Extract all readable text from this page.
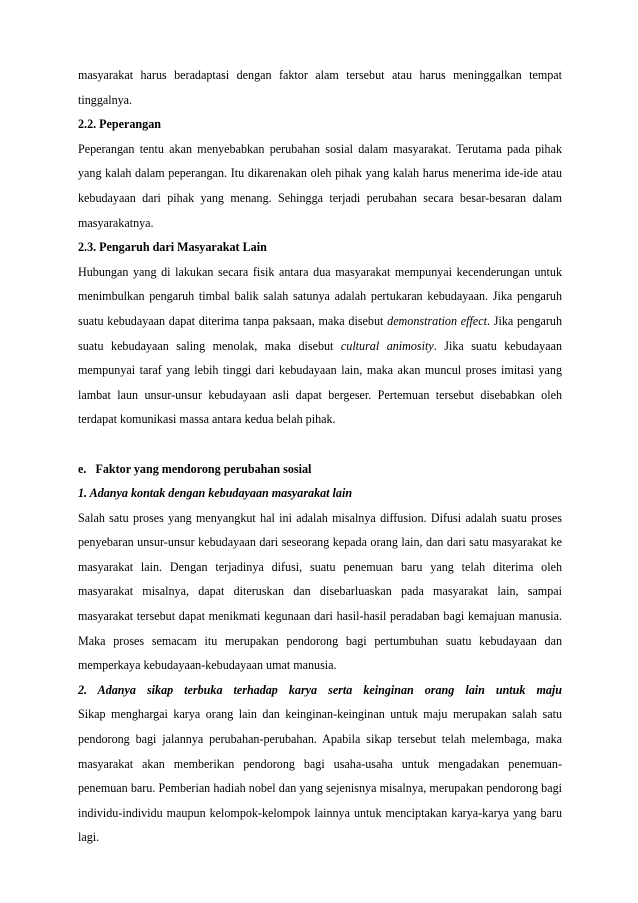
masyarakat harus beradaptasi dengan faktor alam tersebut atau harus meninggalkan tempat tinggalnya.

2.2. Peperangan

Peperangan tentu akan menyebabkan perubahan sosial dalam masyarakat. Terutama pada pihak yang kalah dalam peperangan. Itu dikarenakan oleh pihak yang kalah harus menerima ide-ide atau kebudayaan dari pihak yang menang. Sehingga terjadi perubahan secara besar-besaran dalam masyarakatnya.

2.3. Pengaruh dari Masyarakat Lain

Hubungan yang di lakukan secara fisik antara dua masyarakat mempunyai kecenderungan untuk menimbulkan pengaruh timbal balik salah satunya adalah pertukaran kebudayaan. Jika pengaruh suatu kebudayaan dapat diterima tanpa paksaan, maka disebut demonstration effect. Jika pengaruh suatu kebudayaan saling menolak, maka disebut cultural animosity. Jika suatu kebudayaan mempunyai taraf yang lebih tinggi dari kebudayaan lain, maka akan muncul proses imitasi yang lambat laun unsur-unsur kebudayaan asli dapat bergeser. Pertemuan tersebut disebabkan oleh terdapat komunikasi massa antara kedua belah pihak.

e.   Faktor yang mendorong perubahan sosial
1. Adanya kontak dengan kebudayaan masyarakat lain

Salah satu proses yang menyangkut hal ini adalah misalnya diffusion. Difusi adalah suatu proses penyebaran unsur-unsur kebudayaan dari seseorang kepada orang lain, dan dari satu masyarakat ke masyarakat lain. Dengan terjadinya difusi, suatu penemuan baru yang telah diterima oleh masyarakat misalnya, dapat diteruskan dan disebarluaskan pada masyarakat lain, sampai masyarakat tersebut dapat menikmati kegunaan dari hasil-hasil peradaban bagi kemajuan manusia. Maka proses semacam itu merupakan pendorong bagi pertumbuhan suatu kebudayaan dan memperkaya kebudayaan-kebudayaan umat manusia.

2. Adanya sikap terbuka terhadap karya serta keinginan orang lain untuk maju

Sikap menghargai karya orang lain dan keinginan-keinginan untuk maju merupakan salah satu pendorong bagi jalannya perubahan-perubahan. Apabila sikap tersebut telah melembaga, maka masyarakat akan memberikan pendorong bagi usaha-usaha untuk mengadakan penemuan-penemuan baru. Pemberian hadiah nobel dan yang sejenisnya misalnya, merupakan pendorong bagi individu-individu maupun kelompok-kelompok lainnya untuk menciptakan karya-karya yang baru lagi.
